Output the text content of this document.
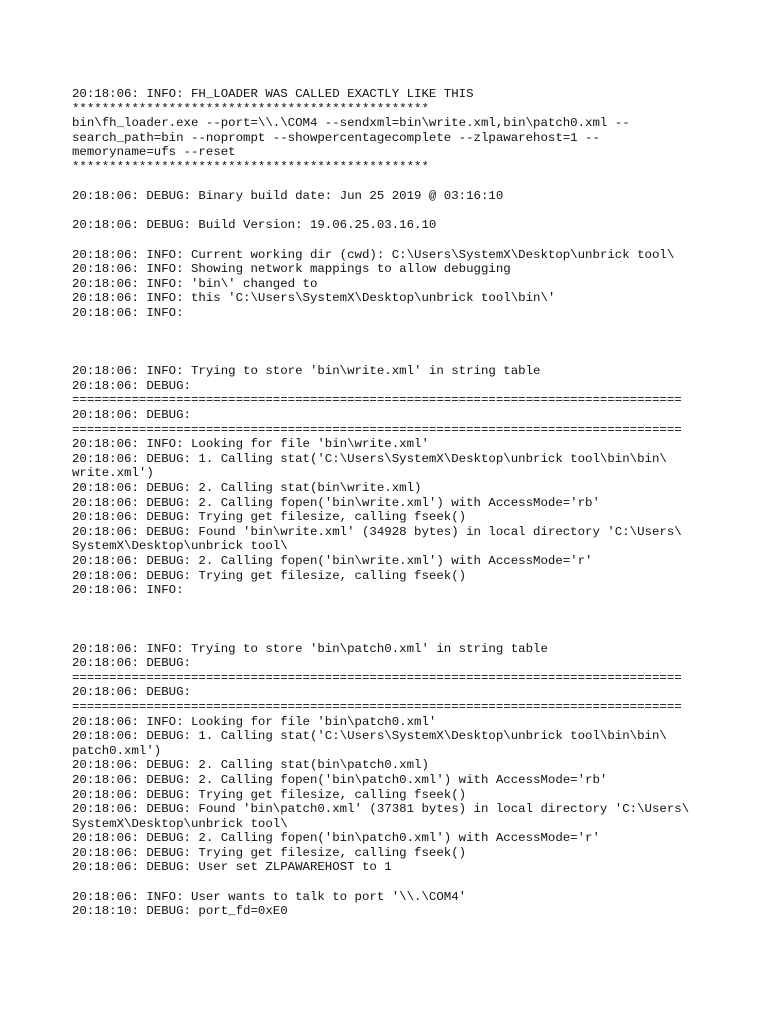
20:18:06: INFO: FH_LOADER WAS CALLED EXACTLY LIKE THIS
************************************************
bin\fh_loader.exe --port=\\.\COM4 --sendxml=bin\write.xml,bin\patch0.xml --
search_path=bin --noprompt --showpercentagecomplete --zlpawarehost=1 --
memoryname=ufs --reset
************************************************

20:18:06: DEBUG: Binary build date: Jun 25 2019 @ 03:16:10

20:18:06: DEBUG: Build Version: 19.06.25.03.16.10

20:18:06: INFO: Current working dir (cwd): C:\Users\SystemX\Desktop\unbrick tool\
20:18:06: INFO: Showing network mappings to allow debugging
20:18:06: INFO: 'bin\' changed to
20:18:06: INFO: this 'C:\Users\SystemX\Desktop\unbrick tool\bin\'
20:18:06: INFO:

20:18:06: INFO: Trying to store 'bin\write.xml' in string table
20:18:06: DEBUG:
==================================================================================
20:18:06: DEBUG:
==================================================================================
20:18:06: INFO: Looking for file 'bin\write.xml'
20:18:06: DEBUG: 1. Calling stat('C:\Users\SystemX\Desktop\unbrick tool\bin\bin\
write.xml')
20:18:06: DEBUG: 2. Calling stat(bin\write.xml)
20:18:06: DEBUG: 2. Calling fopen('bin\write.xml') with AccessMode='rb'
20:18:06: DEBUG: Trying get filesize, calling fseek()
20:18:06: DEBUG: Found 'bin\write.xml' (34928 bytes) in local directory 'C:\Users\
SystemX\Desktop\unbrick tool\
20:18:06: DEBUG: 2. Calling fopen('bin\write.xml') with AccessMode='r'
20:18:06: DEBUG: Trying get filesize, calling fseek()
20:18:06: INFO:

20:18:06: INFO: Trying to store 'bin\patch0.xml' in string table
20:18:06: DEBUG:
==================================================================================
20:18:06: DEBUG:
==================================================================================
20:18:06: INFO: Looking for file 'bin\patch0.xml'
20:18:06: DEBUG: 1. Calling stat('C:\Users\SystemX\Desktop\unbrick tool\bin\bin\
patch0.xml')
20:18:06: DEBUG: 2. Calling stat(bin\patch0.xml)
20:18:06: DEBUG: 2. Calling fopen('bin\patch0.xml') with AccessMode='rb'
20:18:06: DEBUG: Trying get filesize, calling fseek()
20:18:06: DEBUG: Found 'bin\patch0.xml' (37381 bytes) in local directory 'C:\Users\
SystemX\Desktop\unbrick tool\
20:18:06: DEBUG: 2. Calling fopen('bin\patch0.xml') with AccessMode='r'
20:18:06: DEBUG: Trying get filesize, calling fseek()
20:18:06: DEBUG: User set ZLPAWAREHOST to 1

20:18:06: INFO: User wants to talk to port '\\.\COM4'
20:18:10: DEBUG: port_fd=0xE0
